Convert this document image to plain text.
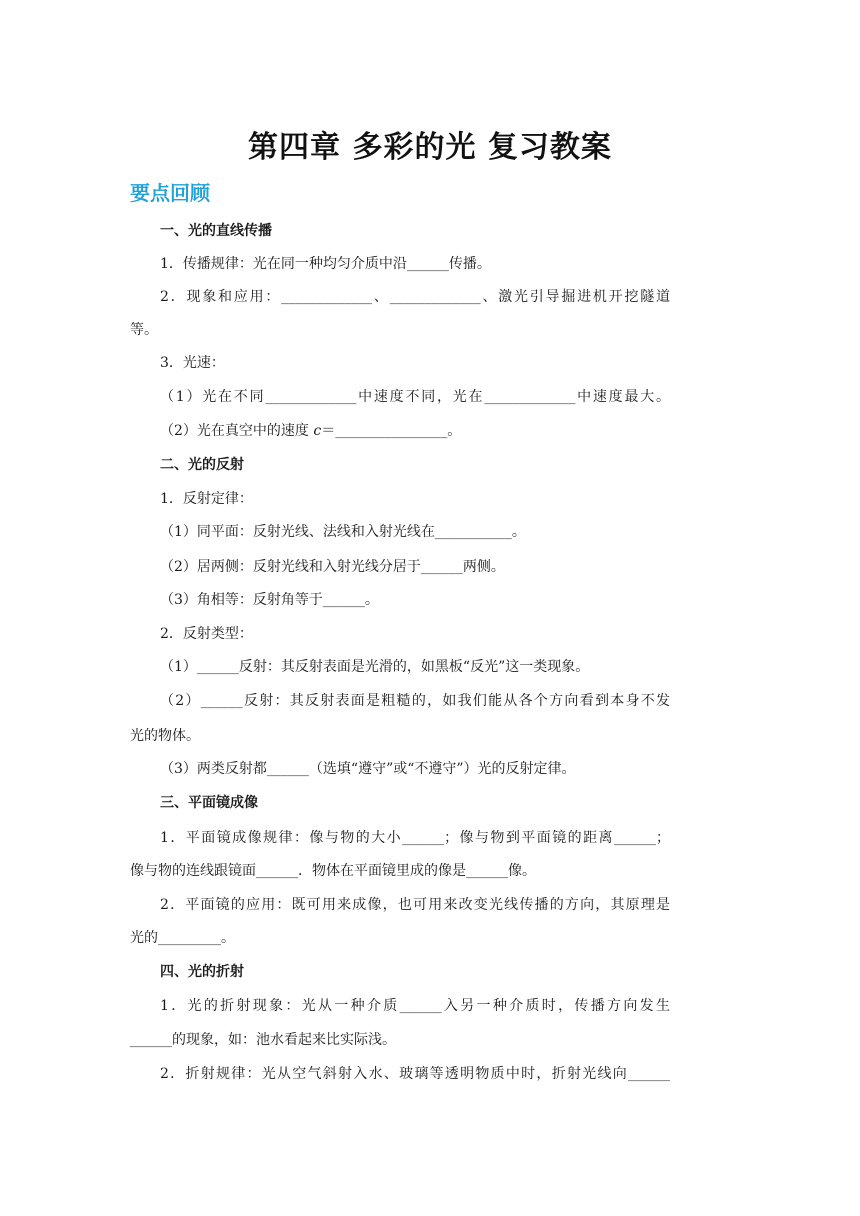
第四章 多彩的光 复习教案
要点回顾
一、光的直线传播
1．传播规律：光在同一种均匀介质中沿______传播。
2．现象和应用：_____________、_____________、激光引导掘进机开挖隧道
等。
3．光速：
（1）光在不同_____________中速度不同，光在_____________中速度最大。
（2）光在真空中的速度 c＝________________。
二、光的反射
1．反射定律：
（1）同平面：反射光线、法线和入射光线在___________。
（2）居两侧：反射光线和入射光线分居于______两侧。
（3）角相等：反射角等于______。
2．反射类型：
（1）______反射：其反射表面是光滑的，如黑板“反光”这一类现象。
（2）______反射：其反射表面是粗糙的，如我们能从各个方向看到本身不发
光的物体。
（3）两类反射都______（选填“遵守”或“不遵守”）光的反射定律。
三、平面镜成像
1．平面镜成像规律：像与物的大小______；像与物到平面镜的距离______；
像与物的连线跟镜面______．物体在平面镜里成的像是______像。
2．平面镜的应用：既可用来成像，也可用来改变光线传播的方向，其原理是
光的_________。
四、光的折射
1．光的折射现象：光从一种介质______入另一种介质时，传播方向发生
______的现象，如：池水看起来比实际浅。
2．折射规律：光从空气斜射入水、玻璃等透明物质中时，折射光线向______
